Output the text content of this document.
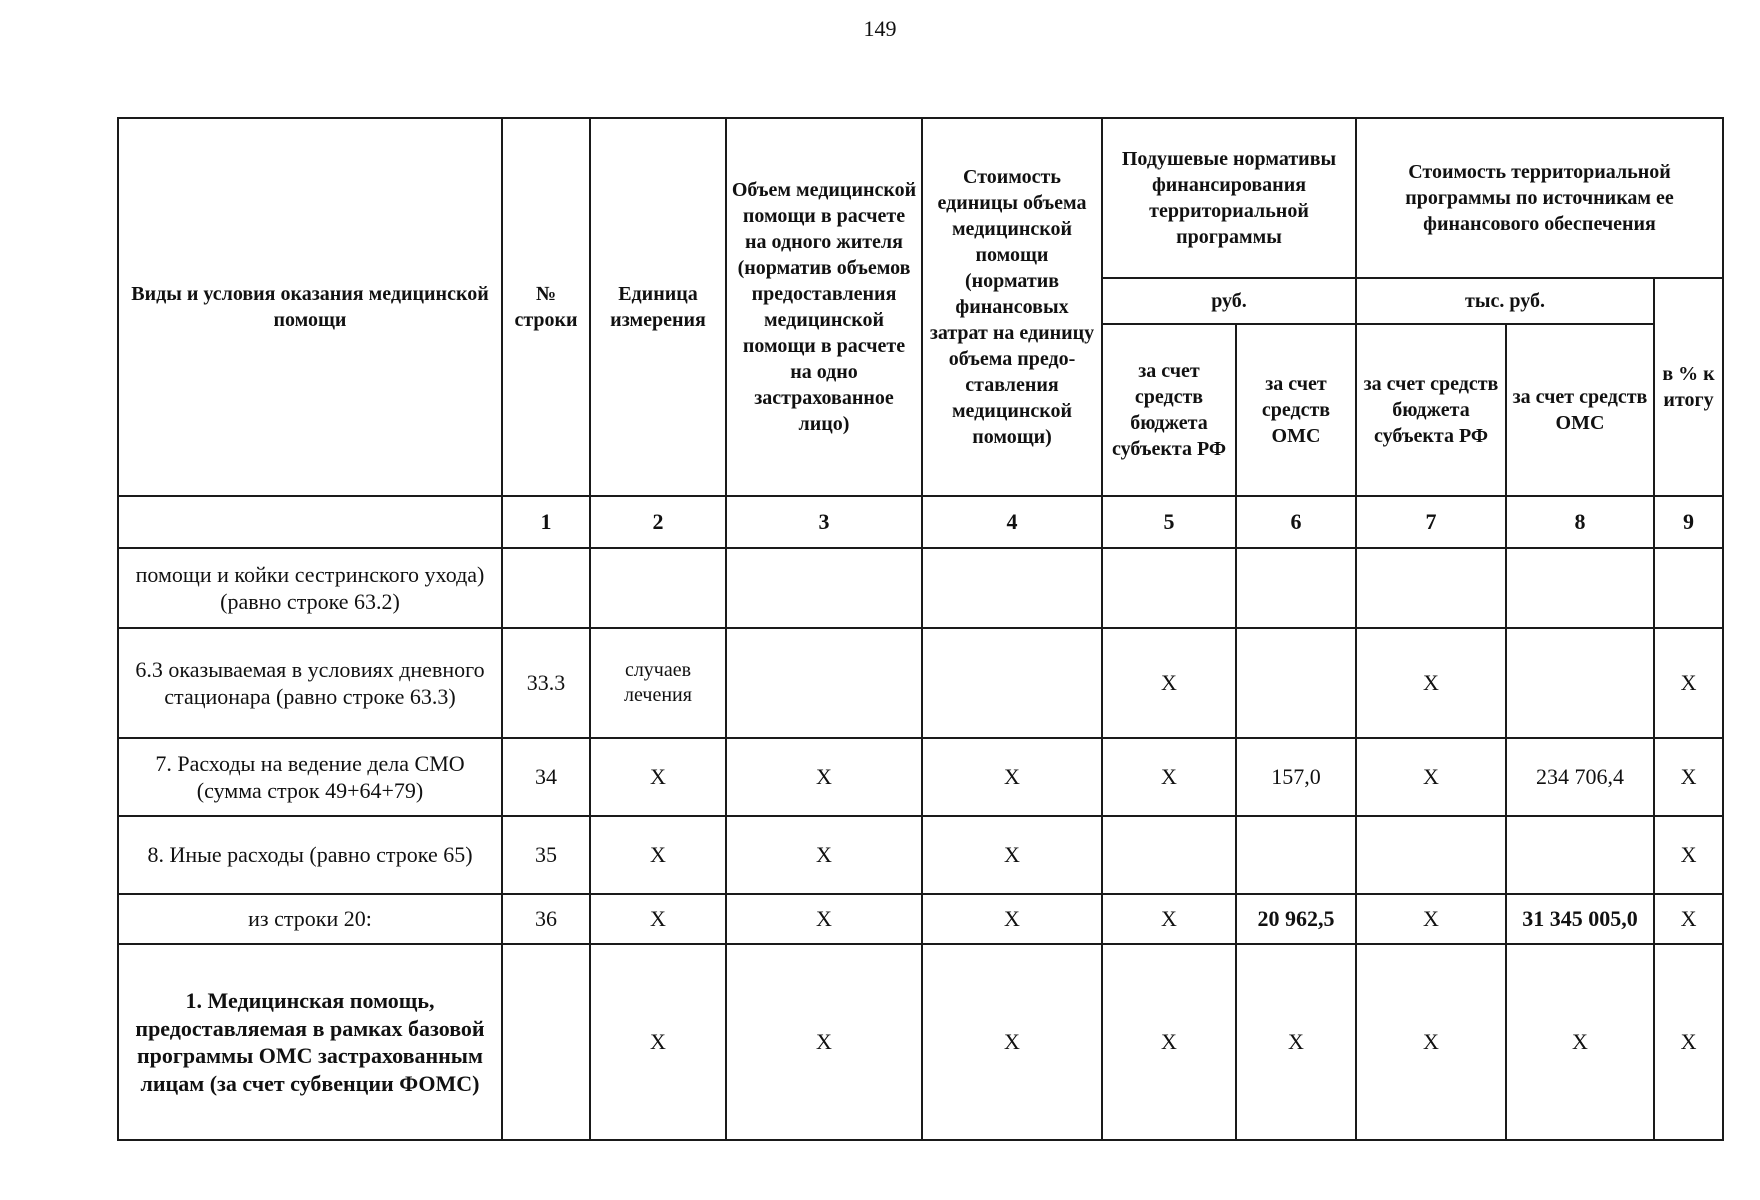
149
Виды и условия оказания медицинской помощи	№ строки	Единица измерения	Объем медицинской помощи в расчете на одного жителя (норматив объемов предоставления медицинской помощи в расчете на одно застрахованное лицо)	Стоимость единицы объема медицинской помощи (норматив финансовых затрат на единицу объема предо-ставления медицинской помощи)	Подушевые нормативы финансирования территориальной программы		Стоимость территориальной программы по источникам ее финансового обеспечения		
					руб.		тыс. руб.		в % к итогу
					за счет средств бюджета субъекта РФ	за счет средств ОМС	за счет средств бюджета субъекта РФ	за счет средств ОМС	
	1	2	3	4	5	6	7	8	9
помощи и койки сестринского ухода) (равно строке 63.2)									
6.3 оказываемая в условиях дневного стационара (равно строке 63.3)	33.3	случаев лечения			Х		Х		Х
7. Расходы на ведение дела СМО (сумма строк 49+64+79)	34	Х	Х	Х	Х	157,0	Х	234 706,4	Х
8. Иные расходы (равно строке 65)	35	Х	Х	Х					Х
из строки 20:	36	Х	Х	Х	Х	20 962,5	Х	31 345 005,0	Х
1. Медицинская помощь, предоставляемая в рамках базовой программы ОМС застрахованным лицам (за счет субвенции ФОМС)		Х	Х	Х	Х	Х	Х	Х	Х
